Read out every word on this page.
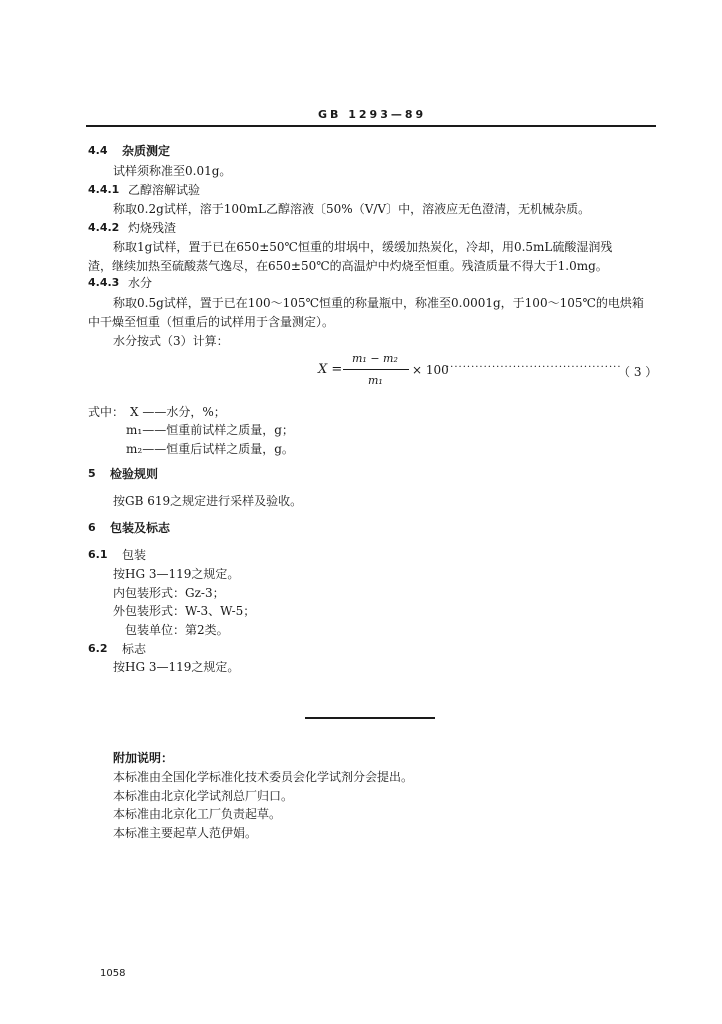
GB 1293—89
4.4 杂质测定
试样须称准至0.01g。
4.4.1 乙醇溶解试验
称取0.2g试样，溶于100mL乙醇溶液〔50%（V/V〕中，溶液应无色澄清，无机械杂质。
4.4.2 灼烧残渣
称取1g试样，置于已在650±50℃恒重的坩埚中，缓缓加热炭化，冷却，用0.5mL硫酸湿润残
渣，继续加热至硫酸蒸气逸尽，在650±50℃的高温炉中灼烧至恒重。残渣质量不得大于1.0mg。
4.4.3 水分
称取0.5g试样，置于已在100～105℃恒重的称量瓶中，称准至0.0001g，于100～105℃的电烘箱
中干燥至恒重（恒重后的试样用于含量测定）。
水分按式（3）计算：
X =
m₁ − m₂
m₁
× 100
··········································
（ 3 ）
式中： X ——水分，%；
m₁——恒重前试样之质量，g；
m₂——恒重后试样之质量，g。
5 检验规则
按GB 619之规定进行采样及验收。
6 包装及标志
6.1 包装
按HG 3—119之规定。
内包装形式：Gz-3；
外包装形式：W-3、W-5；
包装单位：第2类。
6.2 标志
按HG 3—119之规定。
附加说明：
本标准由全国化学标准化技术委员会化学试剂分会提出。
本标准由北京化学试剂总厂归口。
本标准由北京化工厂负责起草。
本标准主要起草人范伊娟。
1058
